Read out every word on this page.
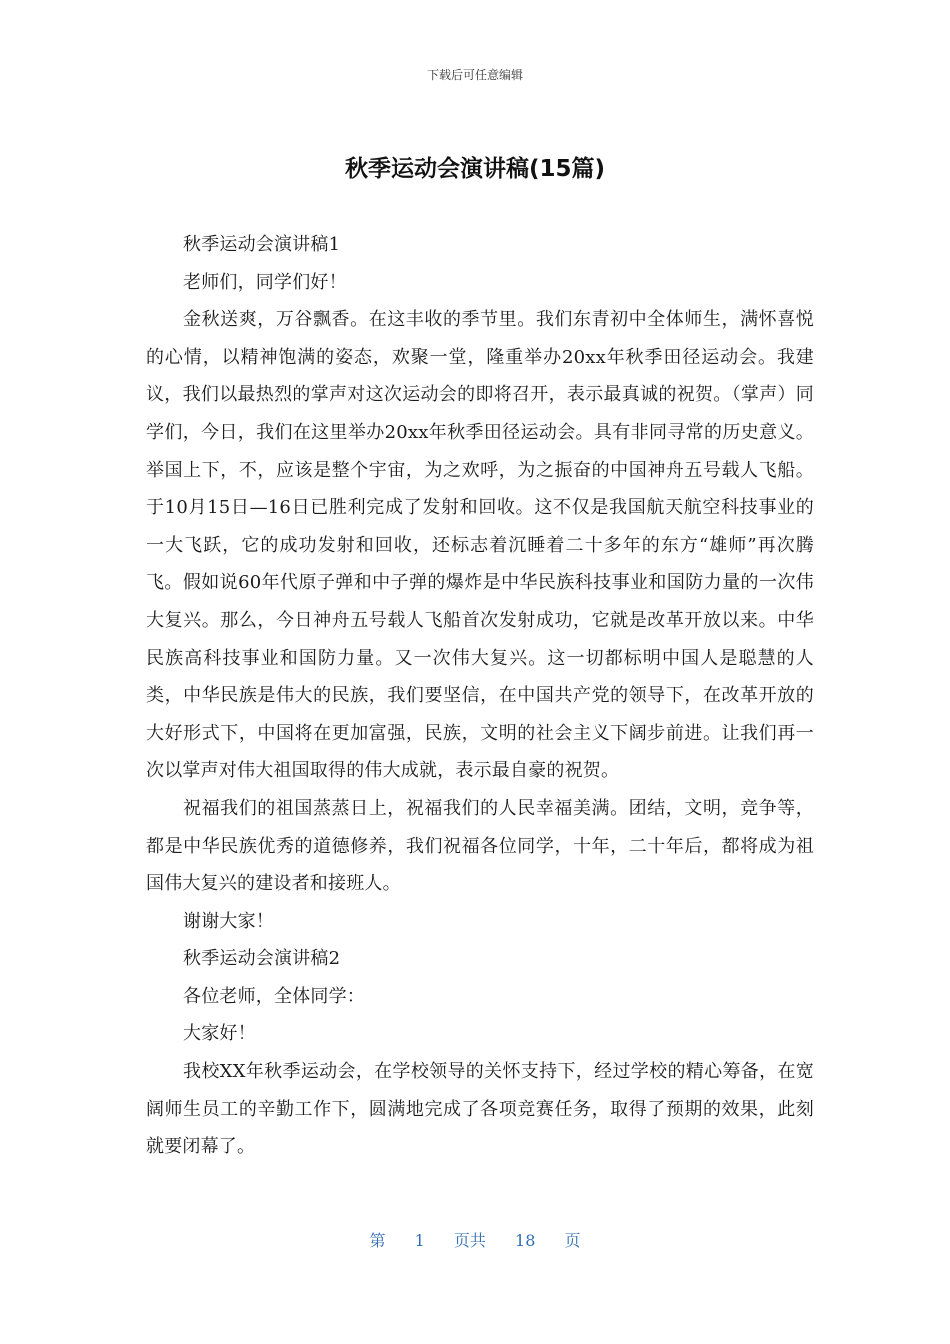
下载后可任意编辑
秋季运动会演讲稿(15篇)

秋季运动会演讲稿1

老师们，同学们好！

金秋送爽，万谷飘香。在这丰收的季节里。我们东青初中全体师生，满怀喜悦的心情，以精神饱满的姿态，欢聚一堂，隆重举办20xx年秋季田径运动会。我建议，我们以最热烈的掌声对这次运动会的即将召开，表示最真诚的祝贺。（掌声）同学们，今日，我们在这里举办20xx年秋季田径运动会。具有非同寻常的历史意义。举国上下，不，应该是整个宇宙，为之欢呼，为之振奋的中国神舟五号载人飞船。于10月15日—16日已胜利完成了发射和回收。这不仅是我国航天航空科技事业的一大飞跃，它的成功发射和回收，还标志着沉睡着二十多年的东方“雄师”再次腾飞。假如说60年代原子弹和中子弹的爆炸是中华民族科技事业和国防力量的一次伟大复兴。那么，今日神舟五号载人飞船首次发射成功，它就是改革开放以来。中华民族高科技事业和国防力量。又一次伟大复兴。这一切都标明中国人是聪慧的人类，中华民族是伟大的民族，我们要坚信，在中国共产党的领导下，在改革开放的大好形式下，中国将在更加富强，民族，文明的社会主义下阔步前进。让我们再一次以掌声对伟大祖国取得的伟大成就，表示最自豪的祝贺。

祝福我们的祖国蒸蒸日上，祝福我们的人民幸福美满。团结，文明，竞争等，都是中华民族优秀的道德修养，我们祝福各位同学，十年，二十年后，都将成为祖国伟大复兴的建设者和接班人。

谢谢大家！

秋季运动会演讲稿2

各位老师，全体同学：

大家好！

我校XX年秋季运动会，在学校领导的关怀支持下，经过学校的精心筹备，在宽阔师生员工的辛勤工作下，圆满地完成了各项竞赛任务，取得了预期的效果，此刻就要闭幕了。

第 1 页共 18 页
